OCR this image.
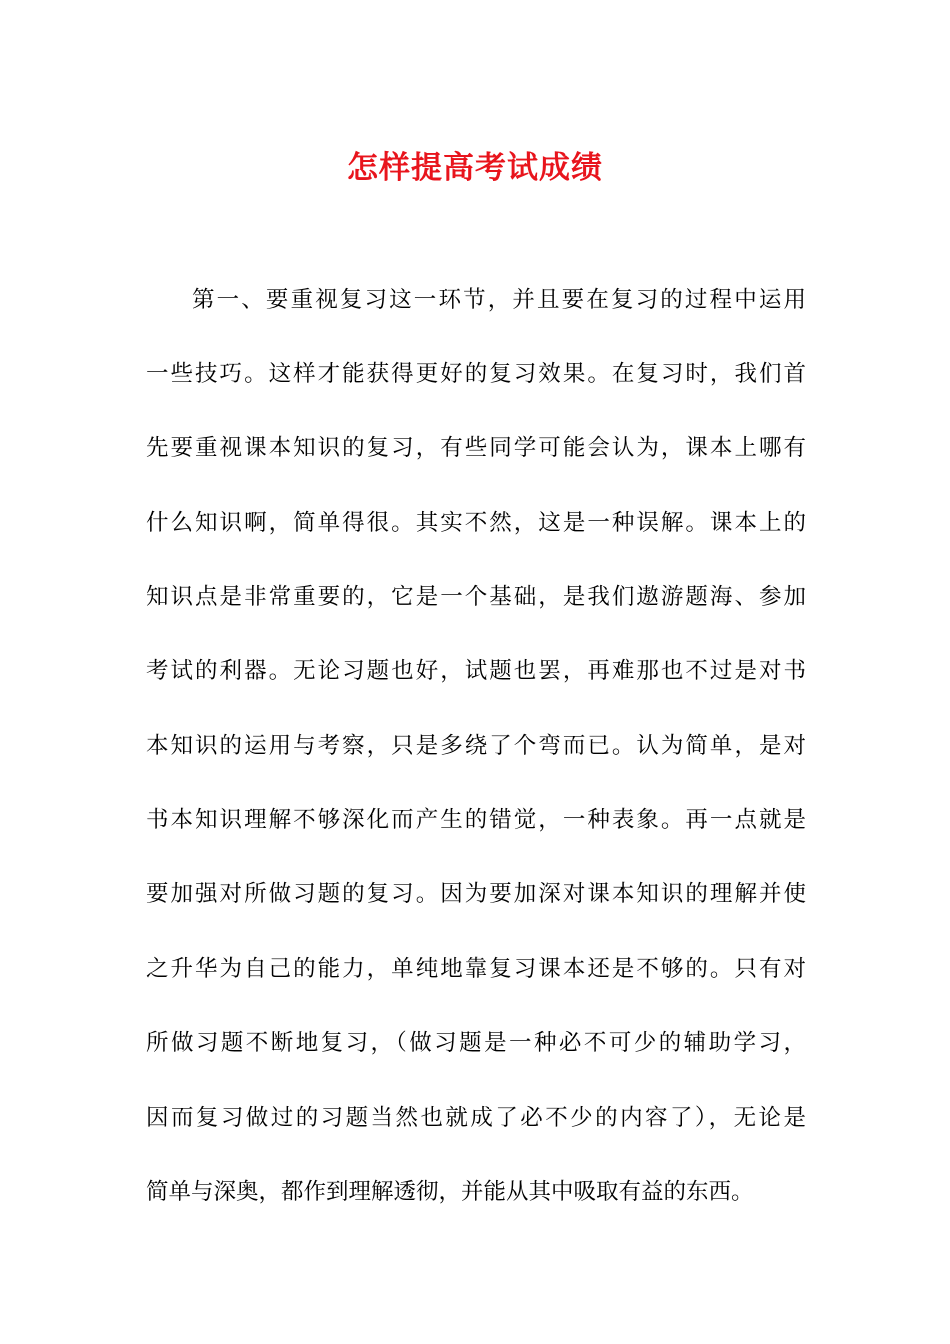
怎样提高考试成绩
第一、要重视复习这一环节，并且要在复习的过程中运用
一些技巧。这样才能获得更好的复习效果。在复习时，我们首
先要重视课本知识的复习，有些同学可能会认为，课本上哪有
什么知识啊，简单得很。其实不然，这是一种误解。课本上的
知识点是非常重要的，它是一个基础，是我们遨游题海、参加
考试的利器。无论习题也好，试题也罢，再难那也不过是对书
本知识的运用与考察，只是多绕了个弯而已。认为简单，是对
书本知识理解不够深化而产生的错觉，一种表象。再一点就是
要加强对所做习题的复习。因为要加深对课本知识的理解并使
之升华为自己的能力，单纯地靠复习课本还是不够的。只有对
所做习题不断地复习，（做习题是一种必不可少的辅助学习，
因而复习做过的习题当然也就成了必不少的内容了），无论是
简单与深奥，都作到理解透彻，并能从其中吸取有益的东西。
